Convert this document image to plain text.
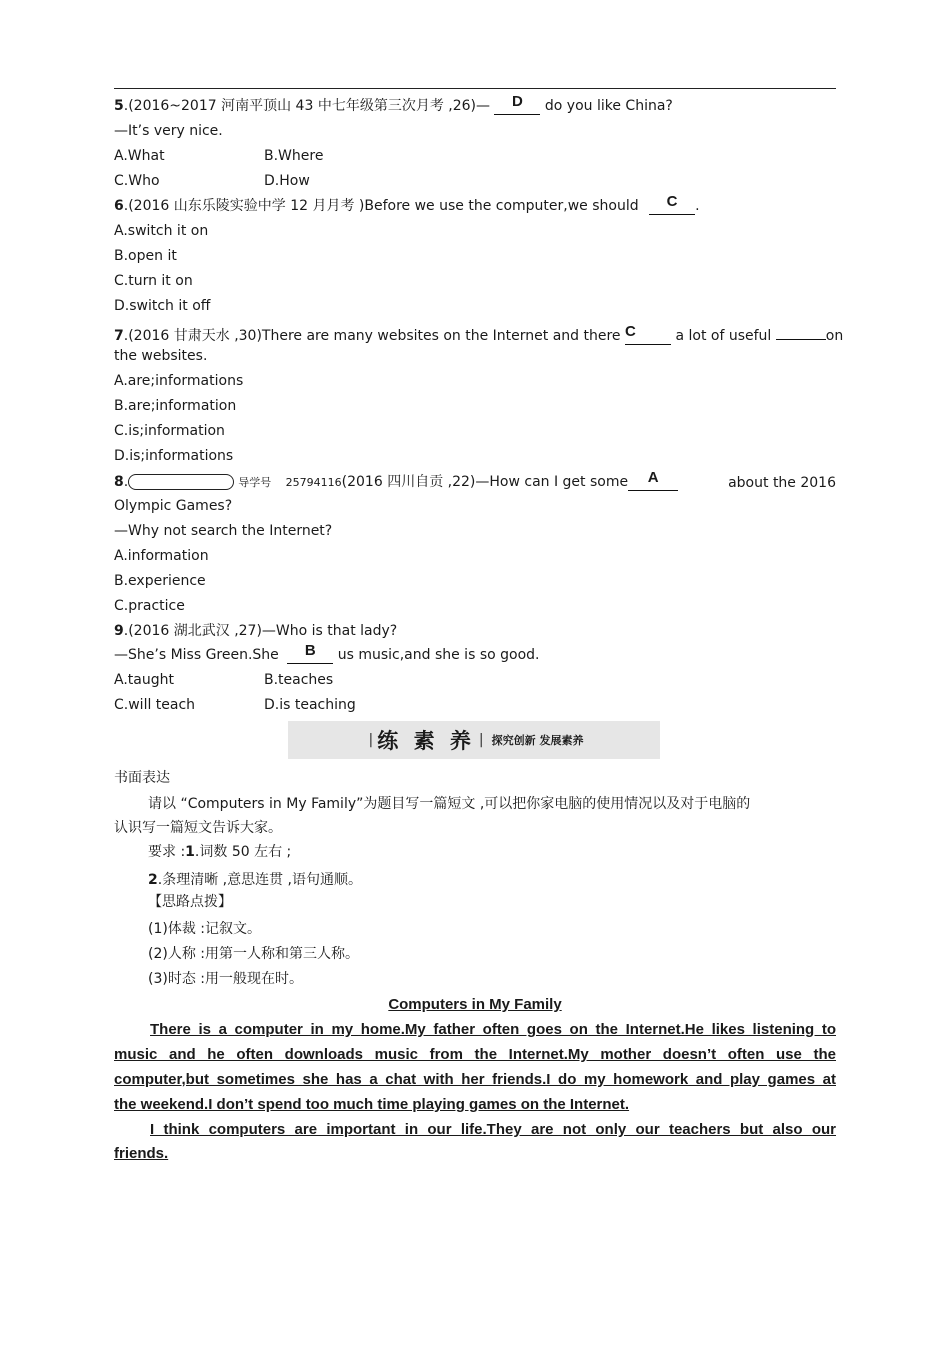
5.(2016~2017 河南平顶山 43 中七年级第三次月考 ,26)— D do you like China?
—It’s very nice.
A.What	B.Where
C.Who	D.How
6.(2016 山东乐陵实验中学 12 月月考 )Before we use the computer,we should C .
A.switch it on
B.open it
C.turn it on
D.switch it off
7.(2016 甘肃天水 ,30)There are many websites on the Internet and there C	a lot of useful	on
the websites.
A.are;informations
B.are;information
C.is;information
D.is;informations
8.	导学号 25794116(2016 四川自贡 ,22)—How can I get some A	about the 2016
Olympic Games?
—Why not search the Internet?
A.information
B.experience
C.practice
9.(2016 湖北武汉 ,27)—Who is that lady?
—She’s Miss Green.She B us music,and she is so good.
A.taught	B.teaches
C.will teach	D.is teaching
| 练 素 养 | 探究创新 发展素养
书面表达
请以 “Computers in My Family”为题目写一篇短文 ,可以把你家电脑的使用情况以及对于电脑的
认识写一篇短文告诉大家。
要求 :1.词数 50 左右 ;
2.条理清晰 ,意思连贯 ,语句通顺。
【思路点拨】
(1)体裁 :记叙文。
(2)人称 :用第一人称和第三人称。
(3)时态 :用一般现在时。
Computers in My Family
There is a computer in my home.My father often goes on the Internet.He likes listening to
music and he often downloads music from the Internet.My mother doesn’t often use the
computer,but sometimes she has a chat with her friends.I do my homework and play games at
the weekend.I don’t spend too much time playing games on the Internet.
I think computers are important in our life.They are not only our teachers but also our
friends.
